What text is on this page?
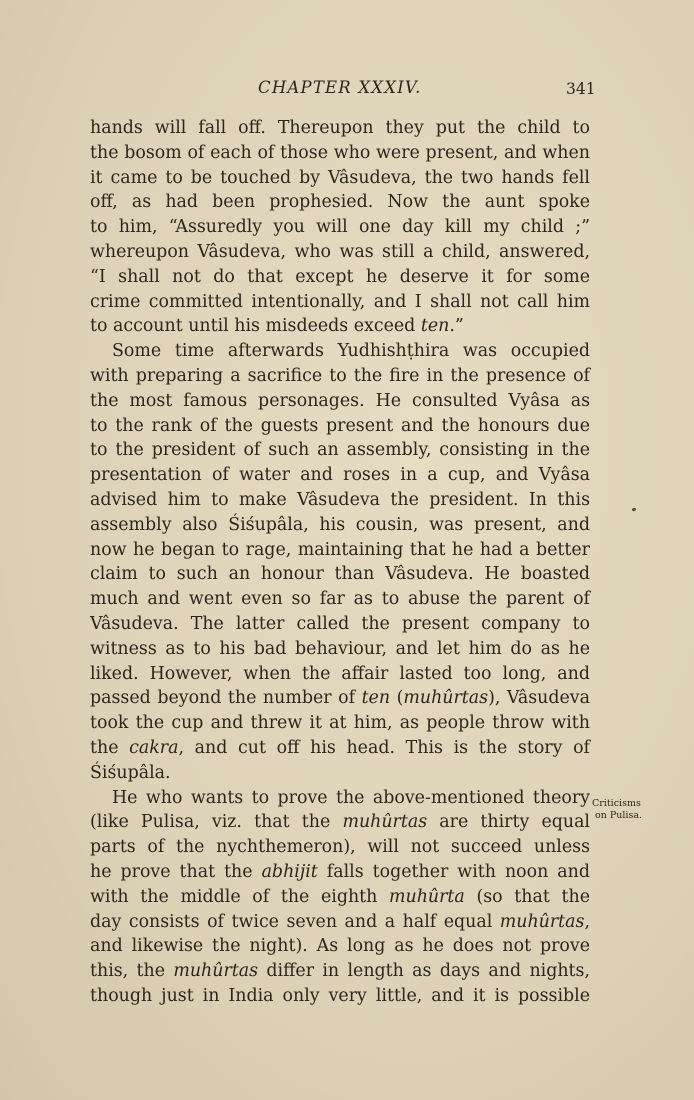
CHAPTER XXXIV.	341
hands will fall off. Thereupon they put the child to
the bosom of each of those who were present, and when
it came to be touched by Vâsudeva, the two hands fell
off, as had been prophesied. Now the aunt spoke
to him, “Assuredly you will one day kill my child ;”
whereupon Vâsudeva, who was still a child, answered,
“I shall not do that except he deserve it for some
crime committed intentionally, and I shall not call him
to account until his misdeeds exceed ten.”
Some time afterwards Yudhishṭhira was occupied
with preparing a sacrifice to the fire in the presence of
the most famous personages. He consulted Vyâsa as
to the rank of the guests present and the honours due
to the president of such an assembly, consisting in the
presentation of water and roses in a cup, and Vyâsa
advised him to make Vâsudeva the president. In this
assembly also Śiśupâla, his cousin, was present, and
now he began to rage, maintaining that he had a better
claim to such an honour than Vâsudeva. He boasted
much and went even so far as to abuse the parent of
Vâsudeva. The latter called the present company to
witness as to his bad behaviour, and let him do as he
liked. However, when the affair lasted too long, and
passed beyond the number of ten (muhûrtas), Vâsudeva
took the cup and threw it at him, as people throw with
the cakra, and cut off his head. This is the story of
Śiśupâla.
He who wants to prove the above-mentioned theory
(like Pulisa, viz. that the muhûrtas are thirty equal
parts of the nychthemeron), will not succeed unless
he prove that the abhijit falls together with noon and
with the middle of the eighth muhûrta (so that the
day consists of twice seven and a half equal muhûrtas,
and likewise the night). As long as he does not prove
this, the muhûrtas differ in length as days and nights,
though just in India only very little, and it is possible
Criticisms
on Pulisa.
